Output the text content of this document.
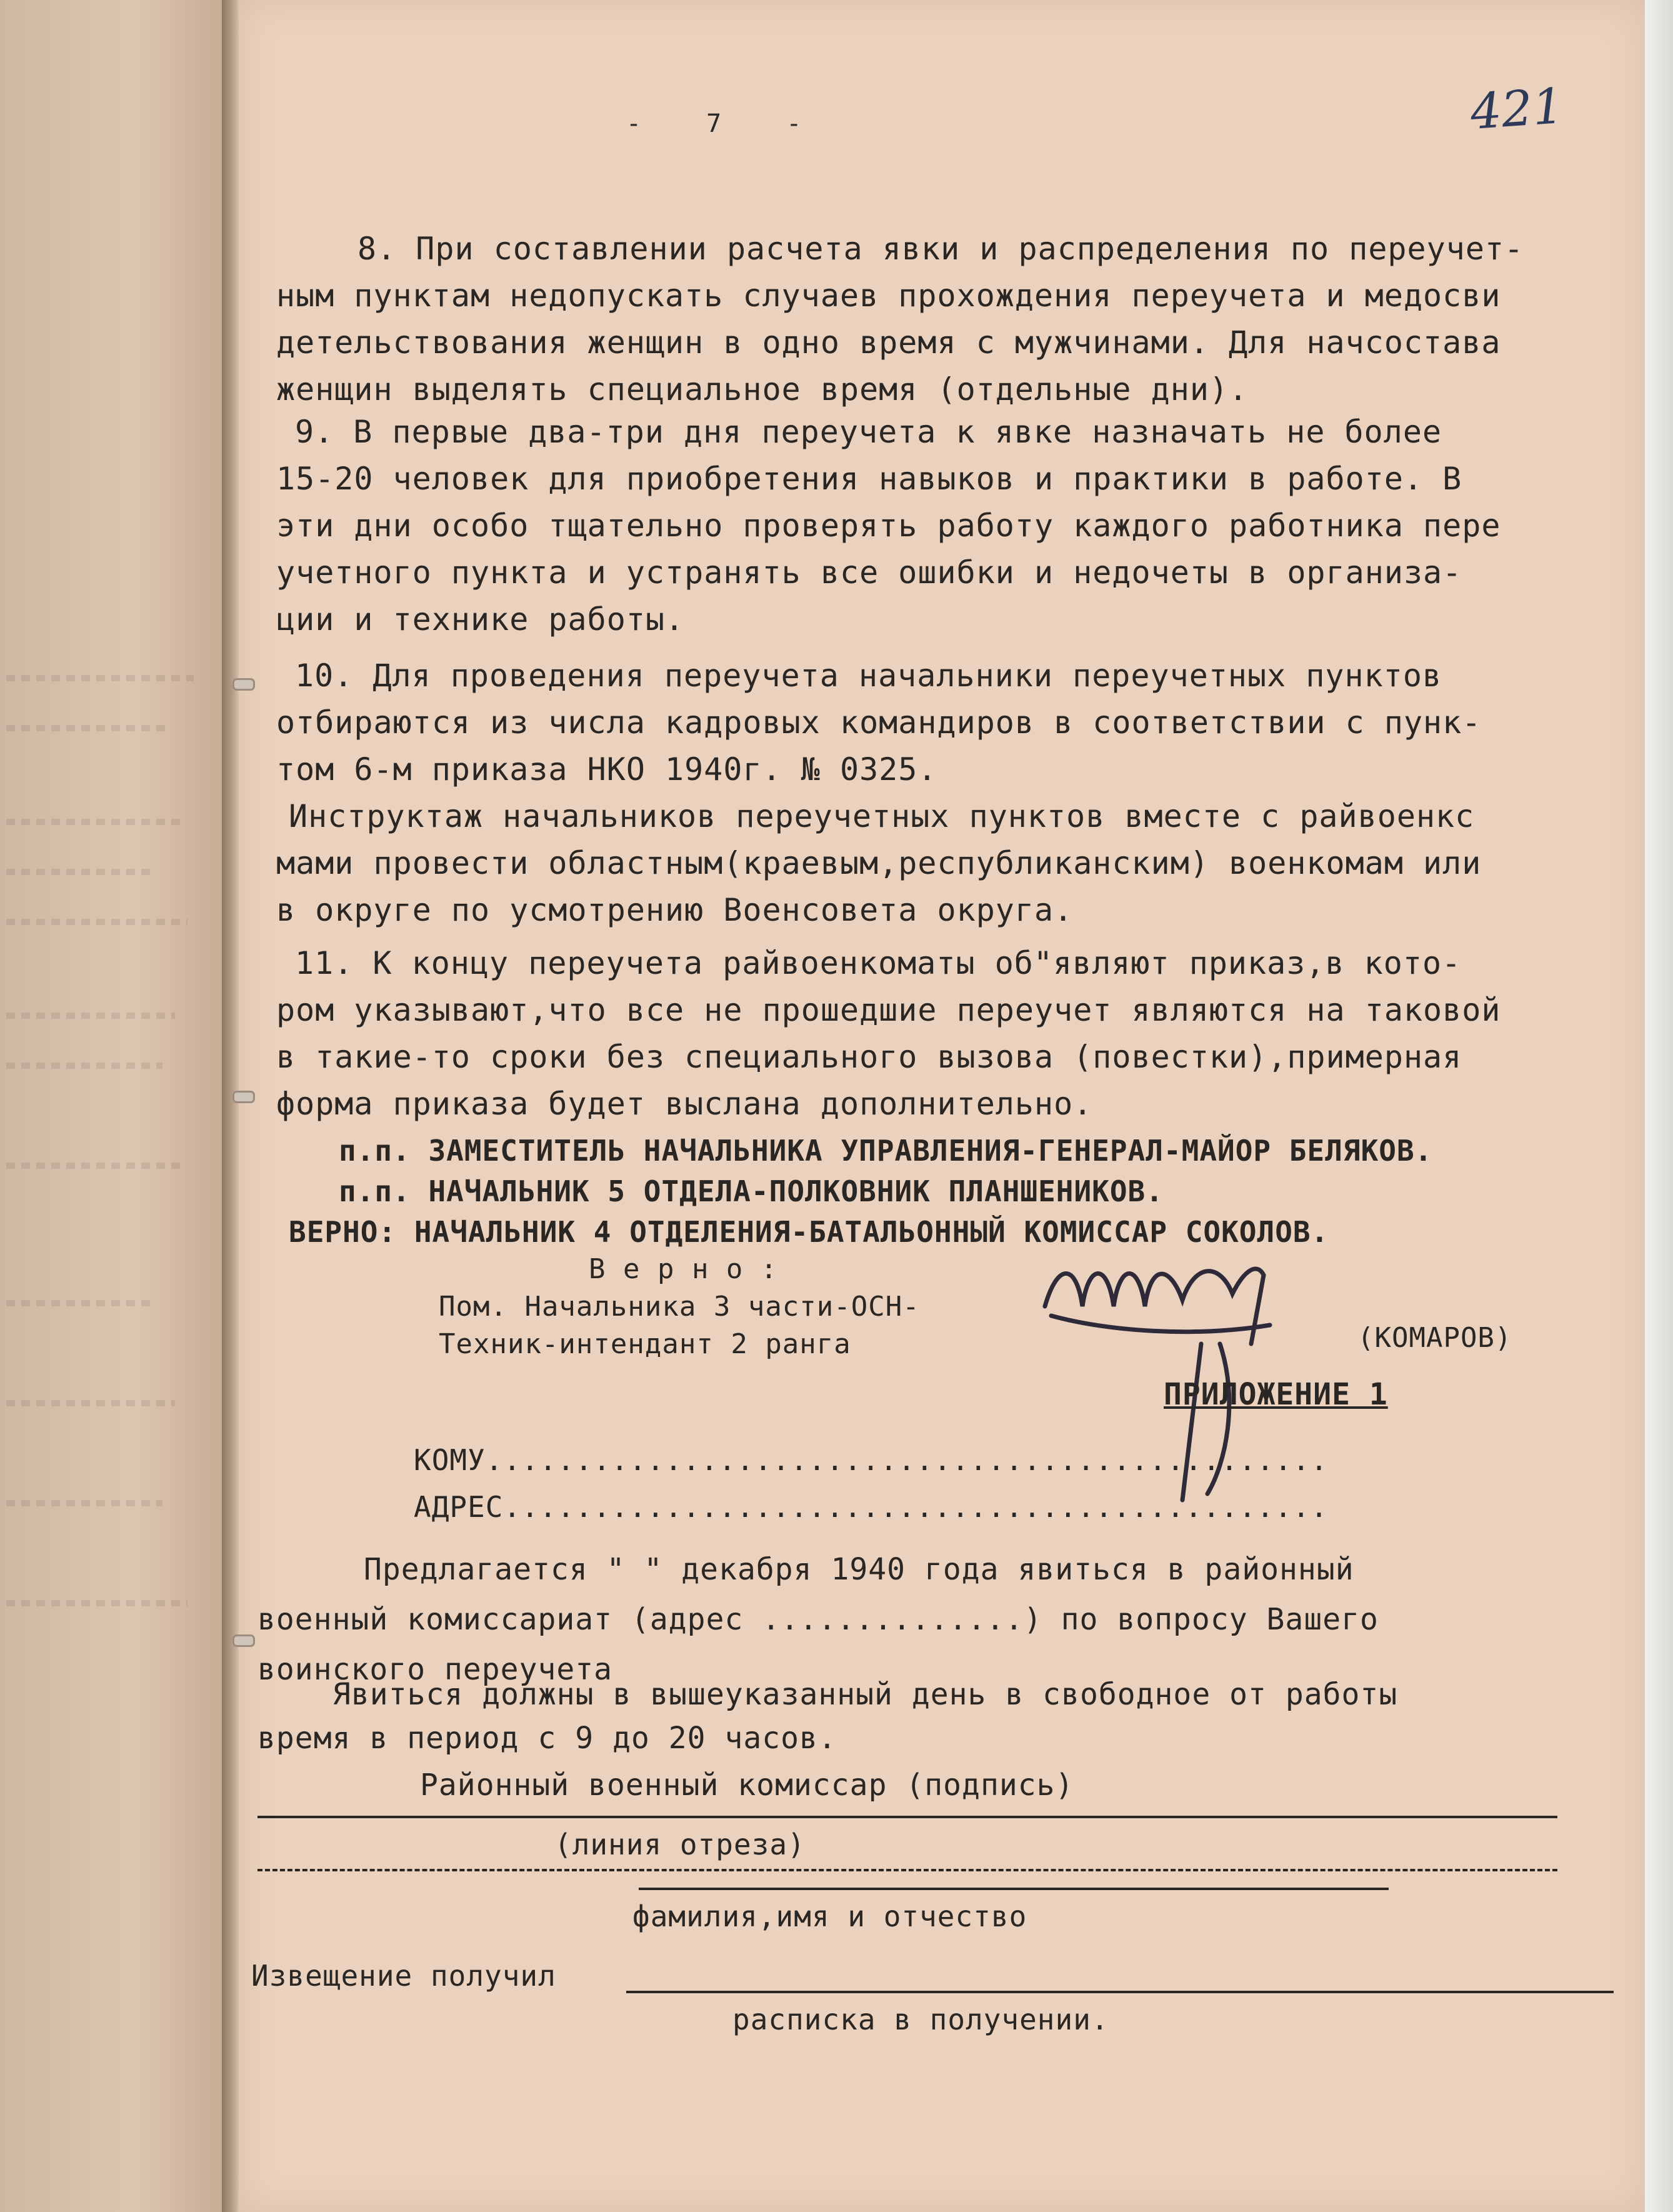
421
- 7 -
8. При составлении расчета явки и распределения по переучет-
ным пунктам недопускать случаев прохождения переучета и медосви
детельствования женщин в одно время с мужчинами. Для начсостава
женщин выделять специальное время (отдельные дни).
9. В первые два-три дня переучета к явке назначать не более
15-20 человек для приобретения навыков и практики в работе. В
эти дни особо тщательно проверять работу каждого работника пере
учетного пункта и устранять все ошибки и недочеты в организа-
ции и технике работы.
10. Для проведения переучета начальники переучетных пунктов
отбираются из числа кадровых командиров в соответствии с пунк-
том 6-м приказа НКО 1940г. № 0325.
Инструктаж начальников переучетных пунктов вместе с райвоенкс
мами провести областным(краевым,республиканским) военкомам или
в округе по усмотрению Военсовета округа.
11. К концу переучета райвоенкоматы об"являют приказ,в кото-
ром указывают,что все не прошедшие переучет являются на таковой
в такие-то сроки без специального вызова (повестки),примерная
форма приказа будет выслана дополнительно.
п.п. ЗАМЕСТИТЕЛЬ НАЧАЛЬНИКА УПРАВЛЕНИЯ-ГЕНЕРАЛ-МАЙОР БЕЛЯКОВ.
п.п. НАЧАЛЬНИК 5 ОТДЕЛА-ПОЛКОВНИК ПЛАНШЕНИКОВ.
ВЕРНО: НАЧАЛЬНИК 4 ОТДЕЛЕНИЯ-БАТАЛЬОННЫЙ КОМИССАР СОКОЛОВ.
В е р н о :
Пом. Начальника 3 части-ОСН-
Техник-интендант 2 ранга	(КОМАРОВ)
ПРИЛОЖЕНИЕ 1
КОМУ...............................................
АДРЕС..............................................
Предлагается " " декабря 1940 года явиться в районный
военный комиссариат (адрес ..............) по вопросу Вашего
воинского переучета
Явиться должны в вышеуказанный день в свободное от работы
время в период с 9 до 20 часов.
Районный военный комиссар (подпись)
(линия отреза)
фамилия,имя и отчество
Извещение получил
расписка в получении.
